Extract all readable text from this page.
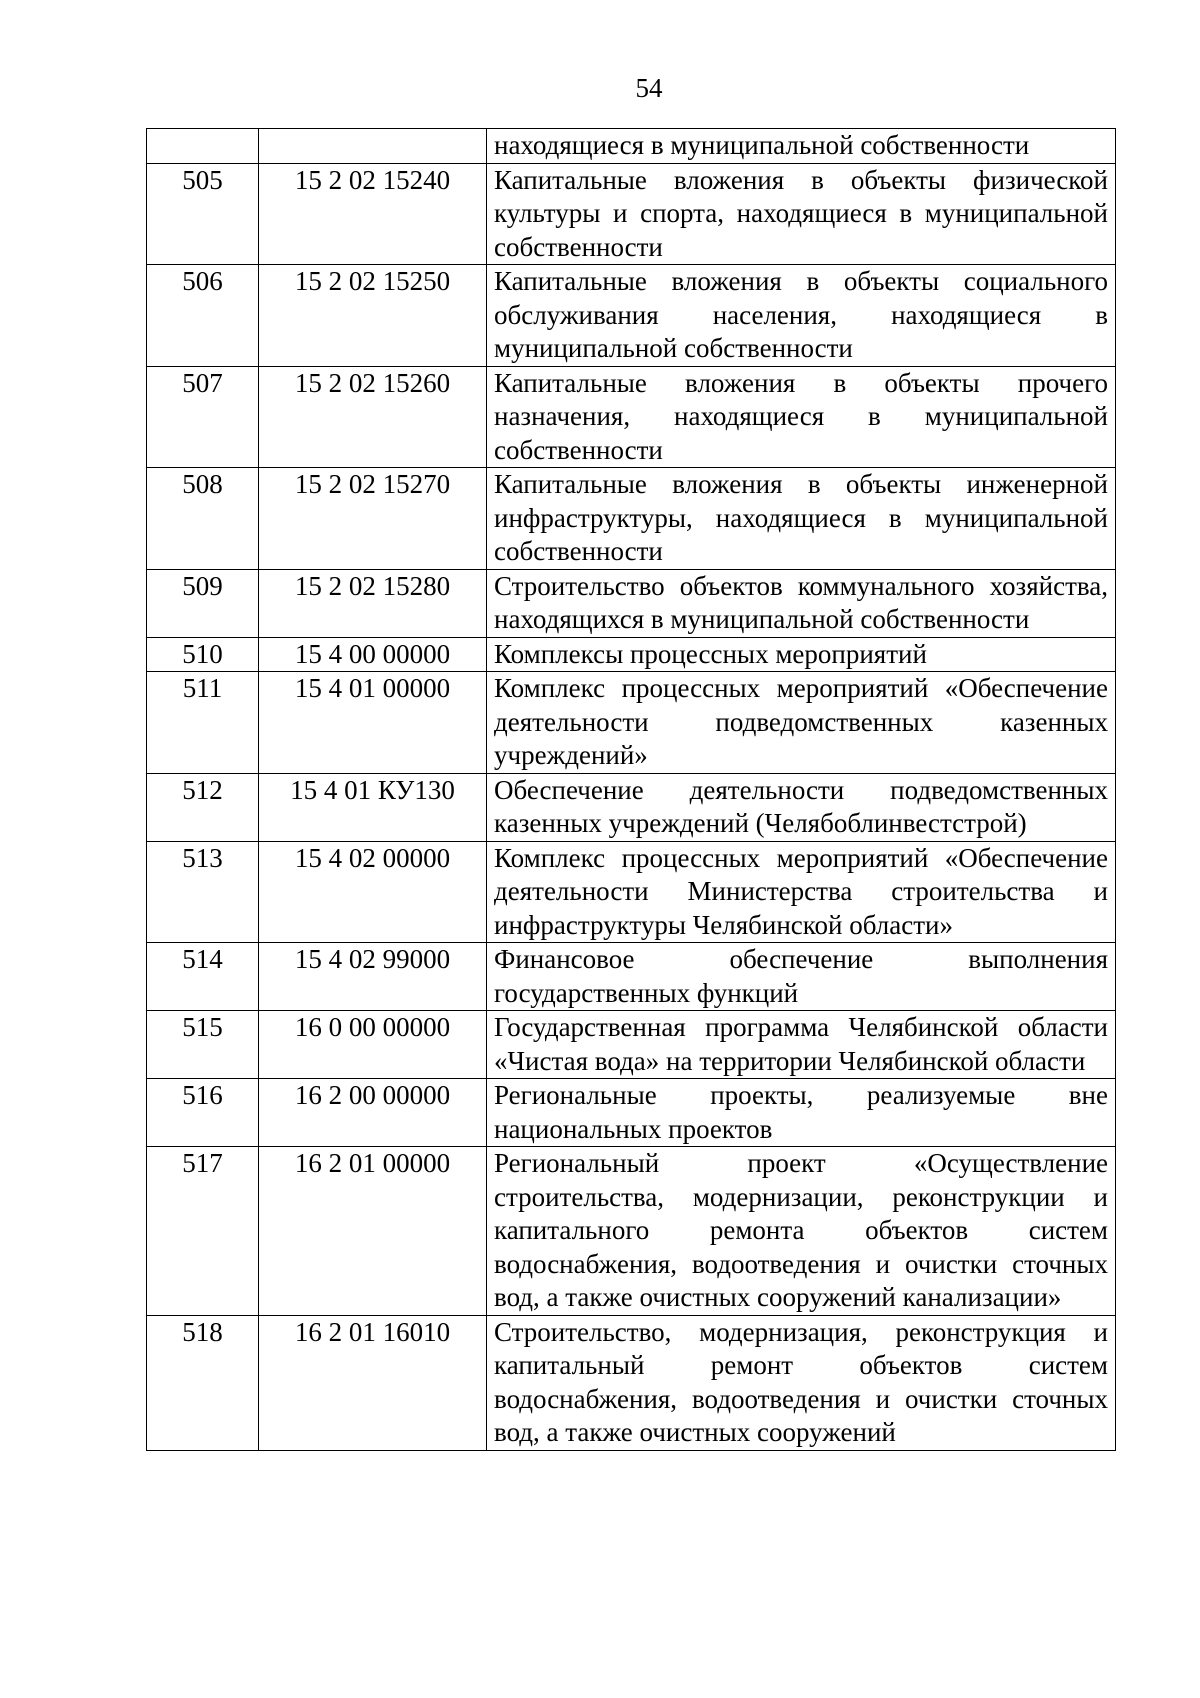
54
		находящиеся в муниципальной собственности
505	15 2 02 15240	Капитальные вложения в объекты физической культуры и спорта, находящиеся в муниципальной собственности
506	15 2 02 15250	Капитальные вложения в объекты социального обслуживания населения, находящиеся в муниципальной собственности
507	15 2 02 15260	Капитальные вложения в объекты прочего назначения, находящиеся в муниципальной собственности
508	15 2 02 15270	Капитальные вложения в объекты инженерной инфраструктуры, находящиеся в муниципальной собственности
509	15 2 02 15280	Строительство объектов коммунального хозяйства, находящихся в муниципальной собственности
510	15 4 00 00000	Комплексы процессных мероприятий
511	15 4 01 00000	Комплекс процессных мероприятий «Обеспечение деятельности подведомственных казенных учреждений»
512	15 4 01 КУ130	Обеспечение деятельности подведомственных казенных учреждений (Челябоблинвестстрой)
513	15 4 02 00000	Комплекс процессных мероприятий «Обеспечение деятельности Министерства строительства и инфраструктуры Челябинской области»
514	15 4 02 99000	Финансовое обеспечение выполнения государственных функций
515	16 0 00 00000	Государственная программа Челябинской области «Чистая вода» на территории Челябинской области
516	16 2 00 00000	Региональные проекты, реализуемые вне национальных проектов
517	16 2 01 00000	Региональный проект «Осуществление строительства, модернизации, реконструкции и капитального ремонта объектов систем водоснабжения, водоотведения и очистки сточных вод, а также очистных сооружений канализации»
518	16 2 01 16010	Строительство, модернизация, реконструкция и капитальный ремонт объектов систем водоснабжения, водоотведения и очистки сточных вод, а также очистных сооружений
